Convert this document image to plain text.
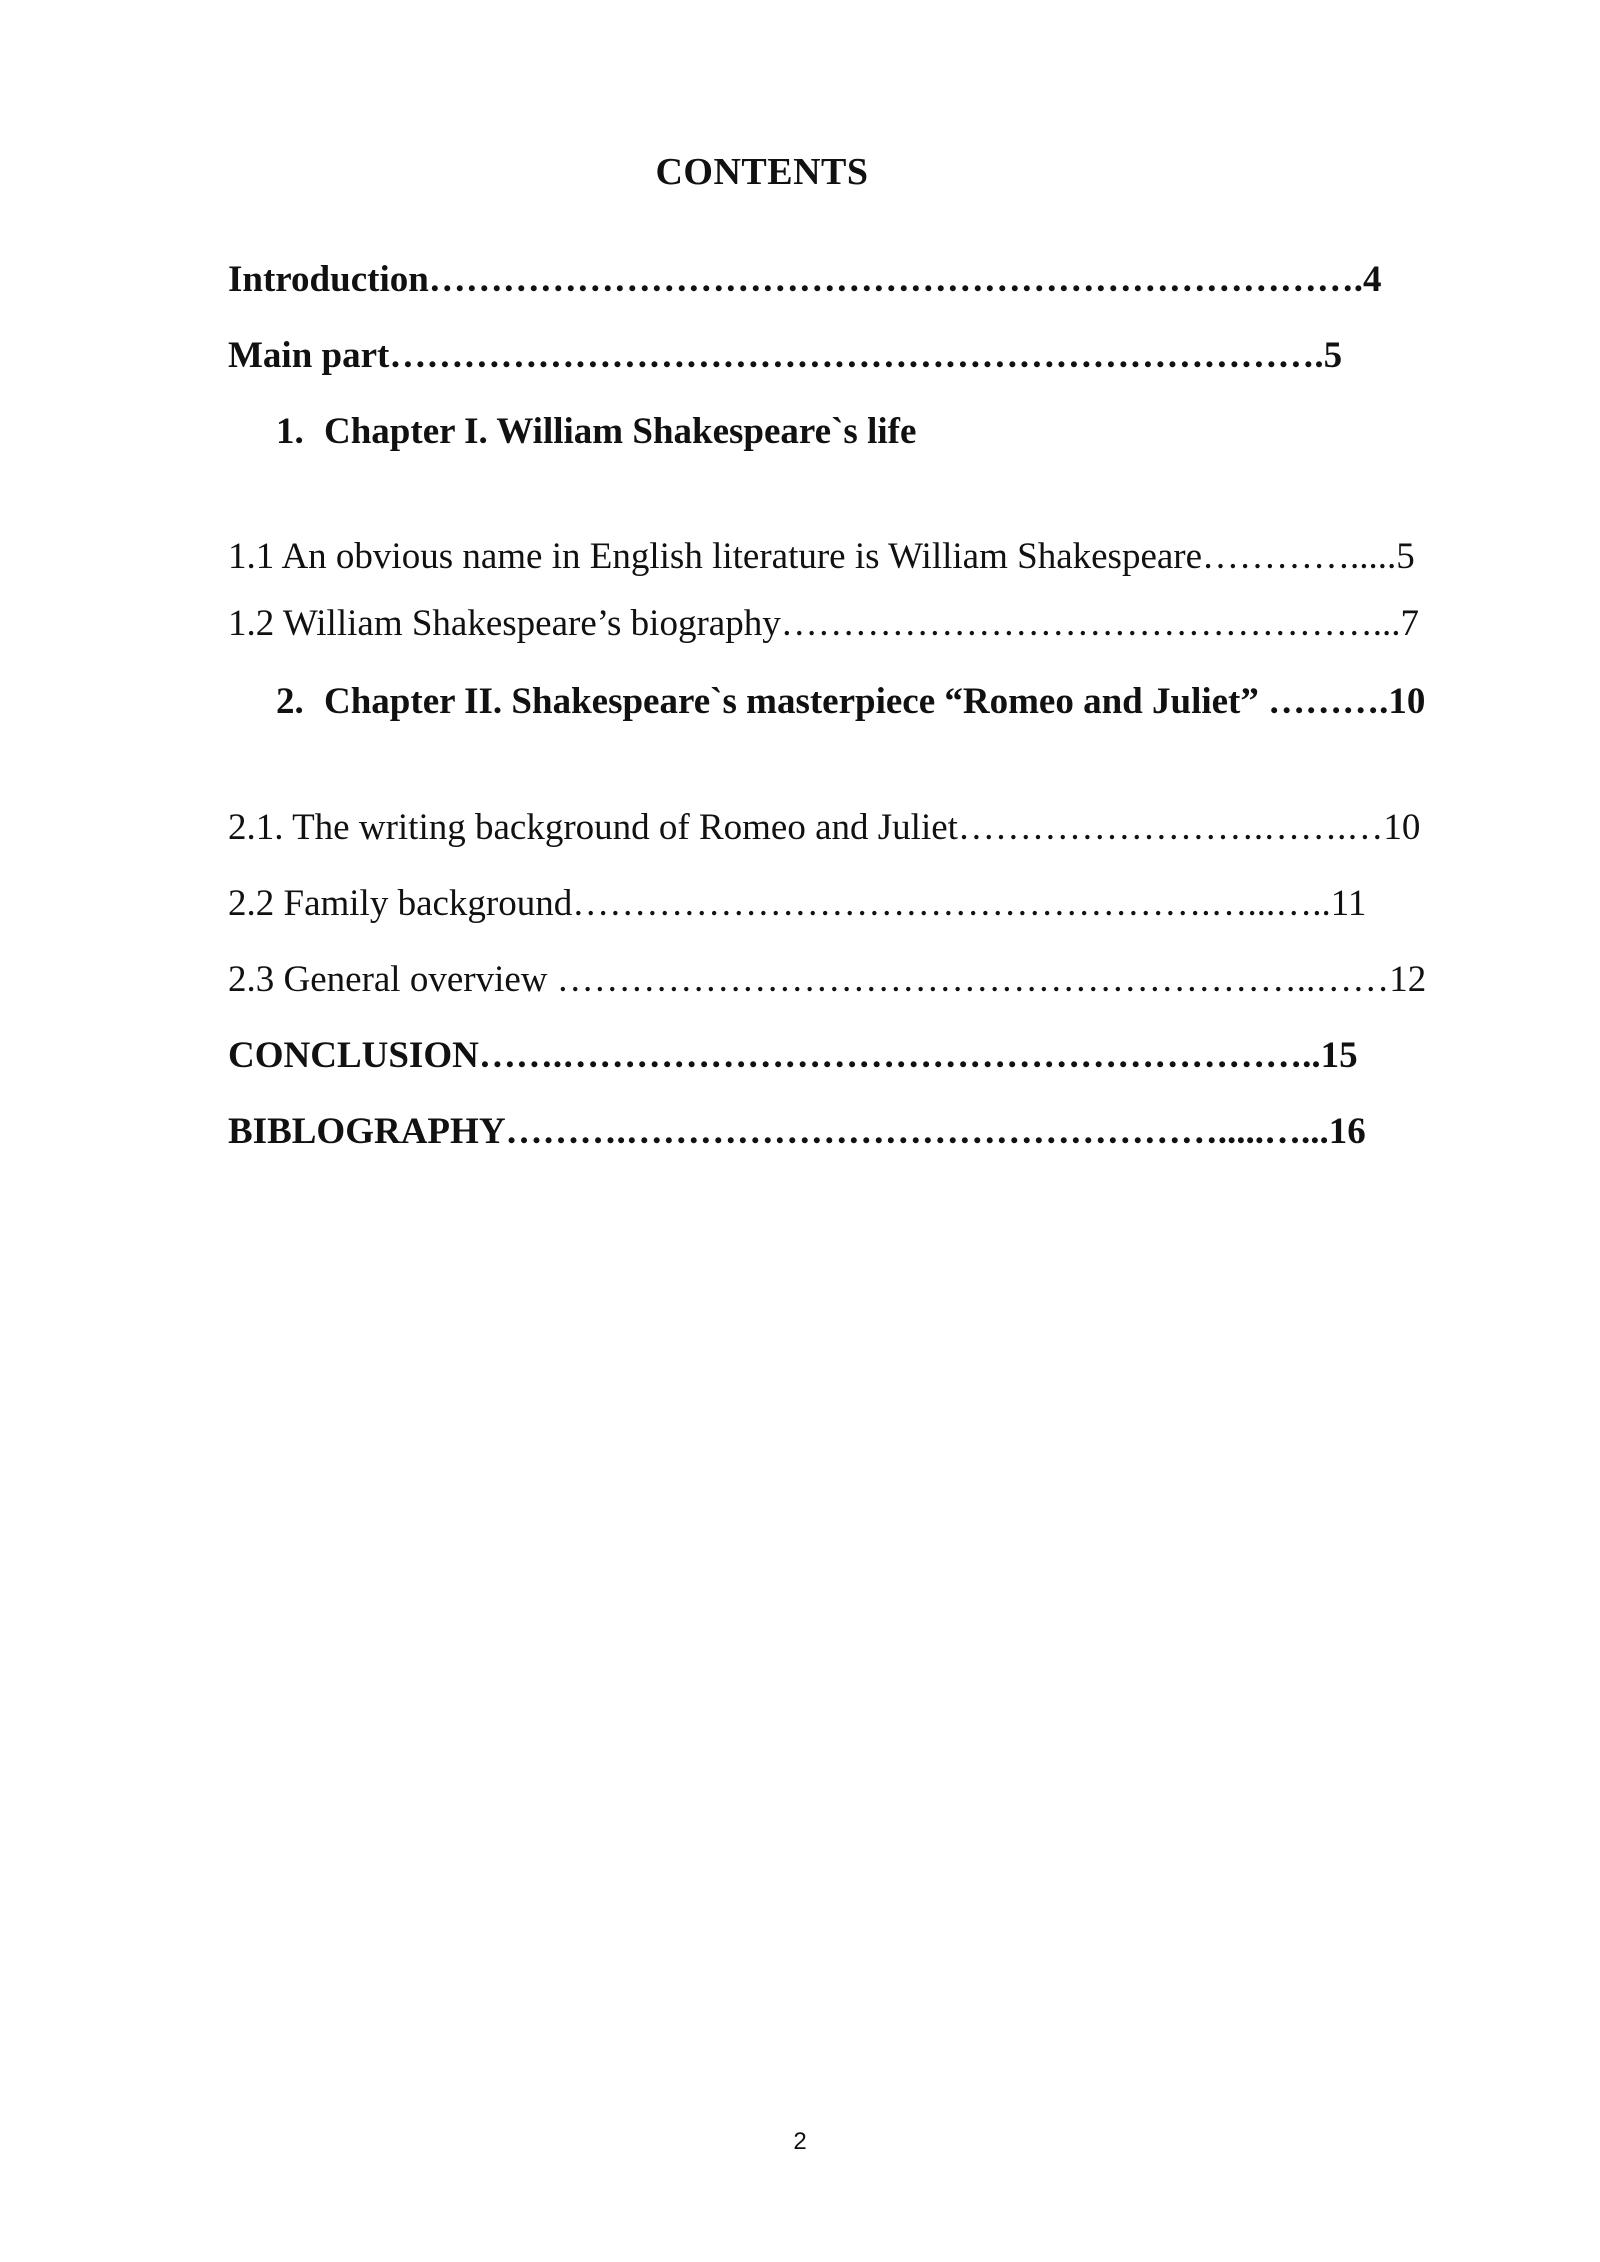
CONTENTS
Introduction………………………………………………………………….4
Main part………………………………………………………………….5
1. Chapter I. William Shakespeare`s life
1.1 An obvious name in English literature is William Shakespeare………….....5
1.2 William Shakespeare’s biography…………………………………………...7
2. Chapter II. Shakespeare`s masterpiece “Romeo and Juliet” ……….10
2.1. The writing background of Romeo and Juliet…………………….…….…10
2.2 Family background…………………………………………….…...…..11
2.3 General overview ……………………………………………………..……12
CONCLUSION…….……………………………………………………..15
BIBLOGRAPHY……….………………………………………….....…...16
2
